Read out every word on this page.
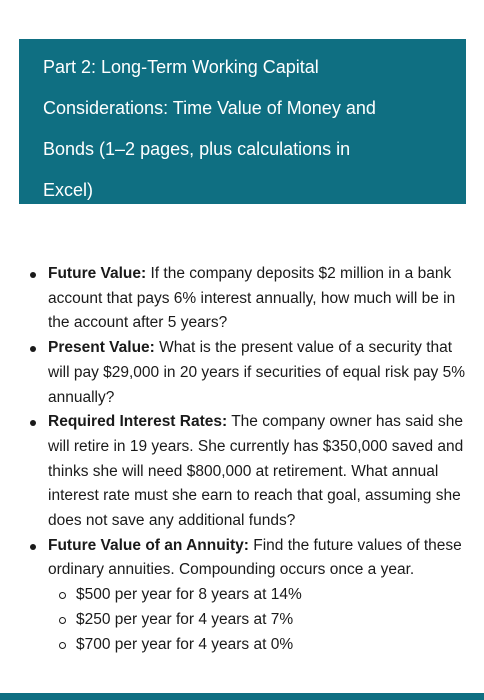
Part 2: Long-Term Working Capital
Considerations: Time Value of Money and
Bonds (1–2 pages, plus calculations in
Excel)
Future Value: If the company deposits $2 million in a bank account that pays 6% interest annually, how much will be in the account after 5 years?
Present Value: What is the present value of a security that will pay $29,000 in 20 years if securities of equal risk pay 5% annually?
Required Interest Rates: The company owner has said she will retire in 19 years. She currently has $350,000 saved and thinks she will need $800,000 at retirement. What annual interest rate must she earn to reach that goal, assuming she does not save any additional funds?
Future Value of an Annuity: Find the future values of these ordinary annuities. Compounding occurs once a year.
$500 per year for 8 years at 14%
$250 per year for 4 years at 7%
$700 per year for 4 years at 0%
